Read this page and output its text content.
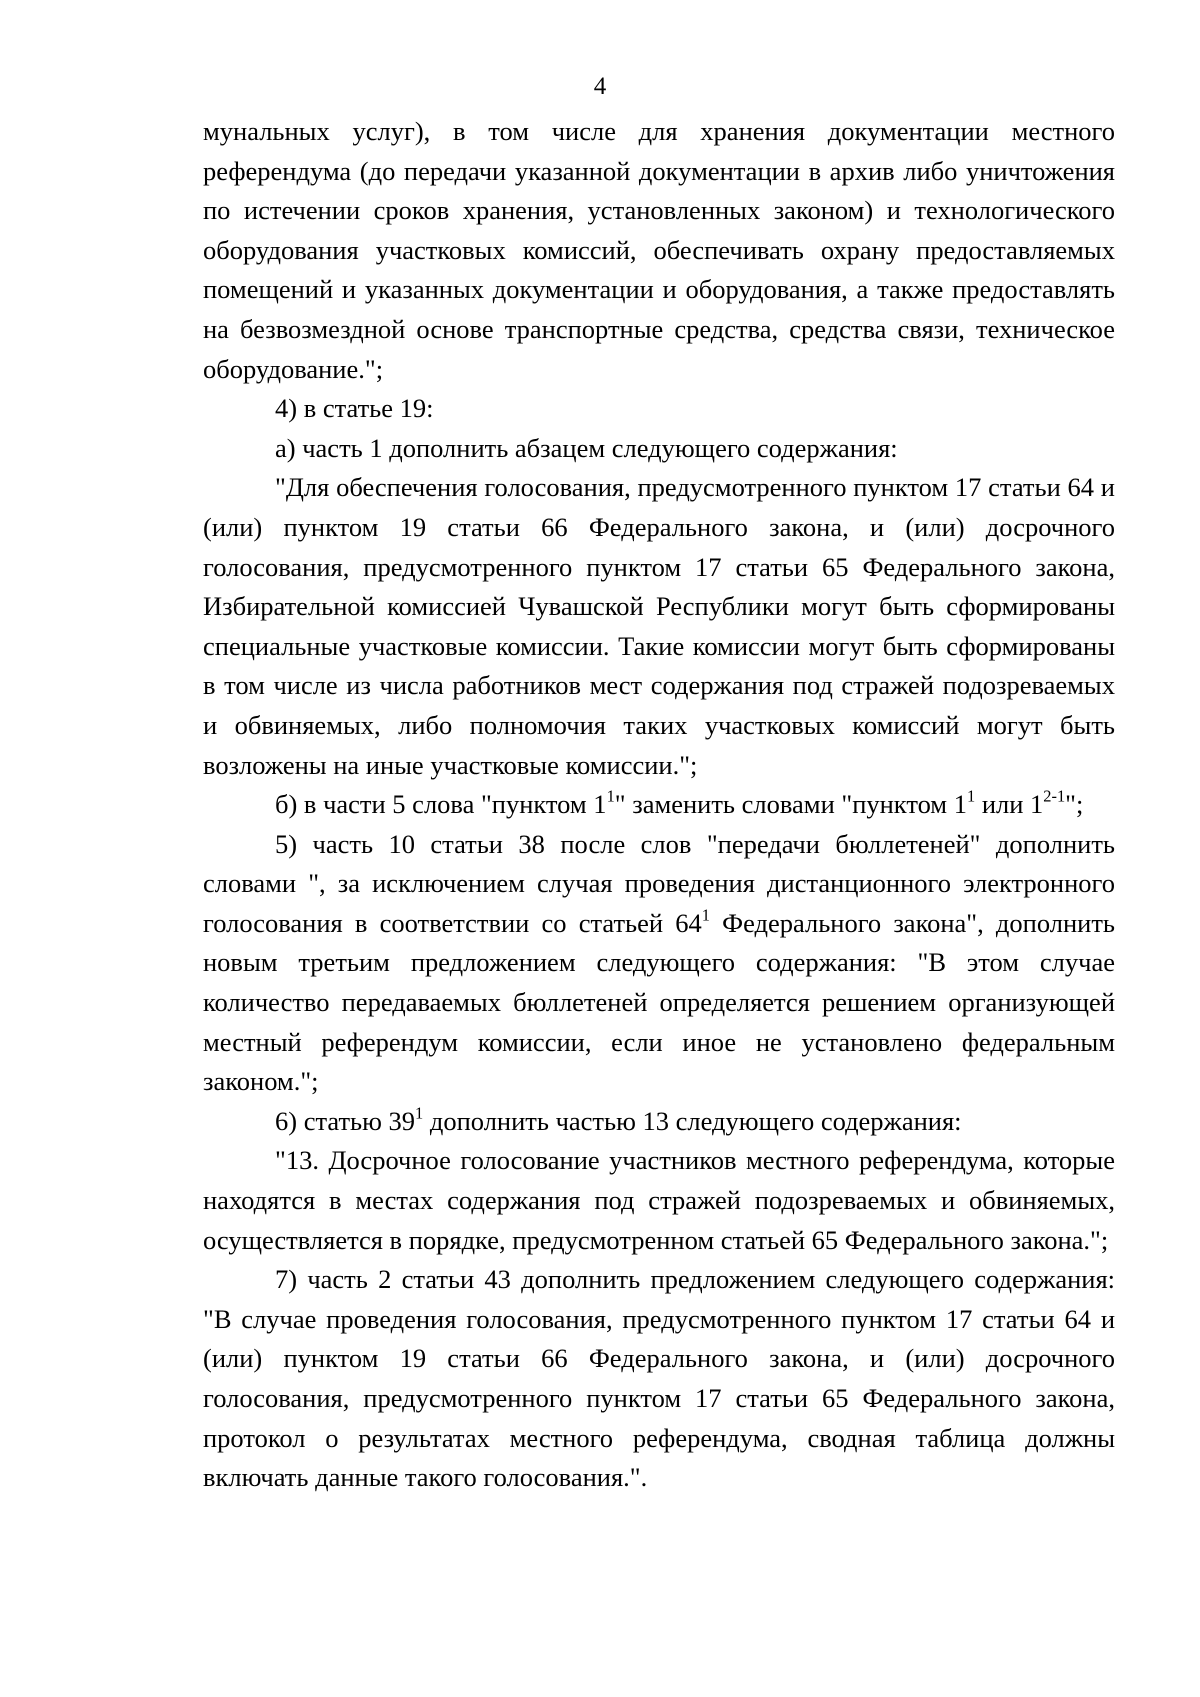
4

мунальных услуг), в том числе для хранения документации местного референдума (до передачи указанной документации в архив либо уничтожения по истечении сроков хранения, установленных законом) и технологического оборудования участковых комиссий, обеспечивать охрану предоставляемых помещений и указанных документации и оборудования, а также предоставлять на безвозмездной основе транспортные средства, средства связи, техническое оборудование.";

4) в статье 19:

а) часть 1 дополнить абзацем следующего содержания:

"Для обеспечения голосования, предусмотренного пунктом 17 статьи 64 и (или) пунктом 19 статьи 66 Федерального закона, и (или) досрочного голосования, предусмотренного пунктом 17 статьи 65 Федерального закона, Избирательной комиссией Чувашской Республики могут быть сформированы специальные участковые комиссии. Такие комиссии могут быть сформированы в том числе из числа работников мест содержания под стражей подозреваемых и обвиняемых, либо полномочия таких участковых комиссий могут быть возложены на иные участковые комиссии.";

б) в части 5 слова "пунктом $1^1$" заменить словами "пунктом $1^1$ или 1$^{2-1}$";

5) часть 10 статьи 38 после слов "передачи бюллетеней" дополнить словами ", за исключением случая проведения дистанционного электронного голосования в соответствии со статьей $64^1$ Федерального закона", дополнить новым третьим предложением следующего содержания: "В этом случае количество передаваемых бюллетеней определяется решением организующей местный референдум комиссии, если иное не установлено федеральным законом.";

6) статью $39^1$ дополнить частью 13 следующего содержания:

"13. Досрочное голосование участников местного референдума, которые находятся в местах содержания под стражей подозреваемых и обвиняемых, осуществляется в порядке, предусмотренном статьей 65 Федерального закона.";

7) часть 2 статьи 43 дополнить предложением следующего содержания: "В случае проведения голосования, предусмотренного пунктом 17 статьи 64 и (или) пунктом 19 статьи 66 Федерального закона, и (или) досрочного голосования, предусмотренного пунктом 17 статьи 65 Федерального закона, протокол о результатах местного референдума, сводная таблица должны включать данные такого голосования.".
